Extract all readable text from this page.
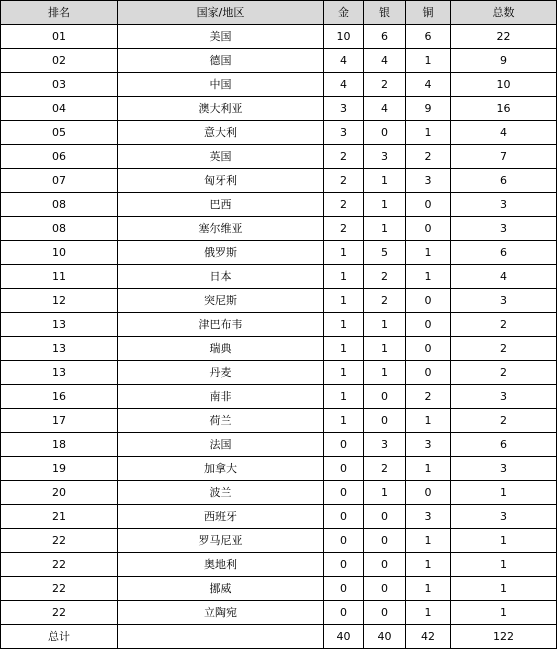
排名	国家/地区	金	银	铜	总数
01	美国	10	6	6	22
02	德国	4	4	1	9
03	中国	4	2	4	10
04	澳大利亚	3	4	9	16
05	意大利	3	0	1	4
06	英国	2	3	2	7
07	匈牙利	2	1	3	6
08	巴西	2	1	0	3
08	塞尔维亚	2	1	0	3
10	俄罗斯	1	5	1	6
11	日本	1	2	1	4
12	突尼斯	1	2	0	3
13	津巴布韦	1	1	0	2
13	瑞典	1	1	0	2
13	丹麦	1	1	0	2
16	南非	1	0	2	3
17	荷兰	1	0	1	2
18	法国	0	3	3	6
19	加拿大	0	2	1	3
20	波兰	0	1	0	1
21	西班牙	0	0	3	3
22	罗马尼亚	0	0	1	1
22	奥地利	0	0	1	1
22	挪威	0	0	1	1
22	立陶宛	0	0	1	1
总计		40	40	42	122
